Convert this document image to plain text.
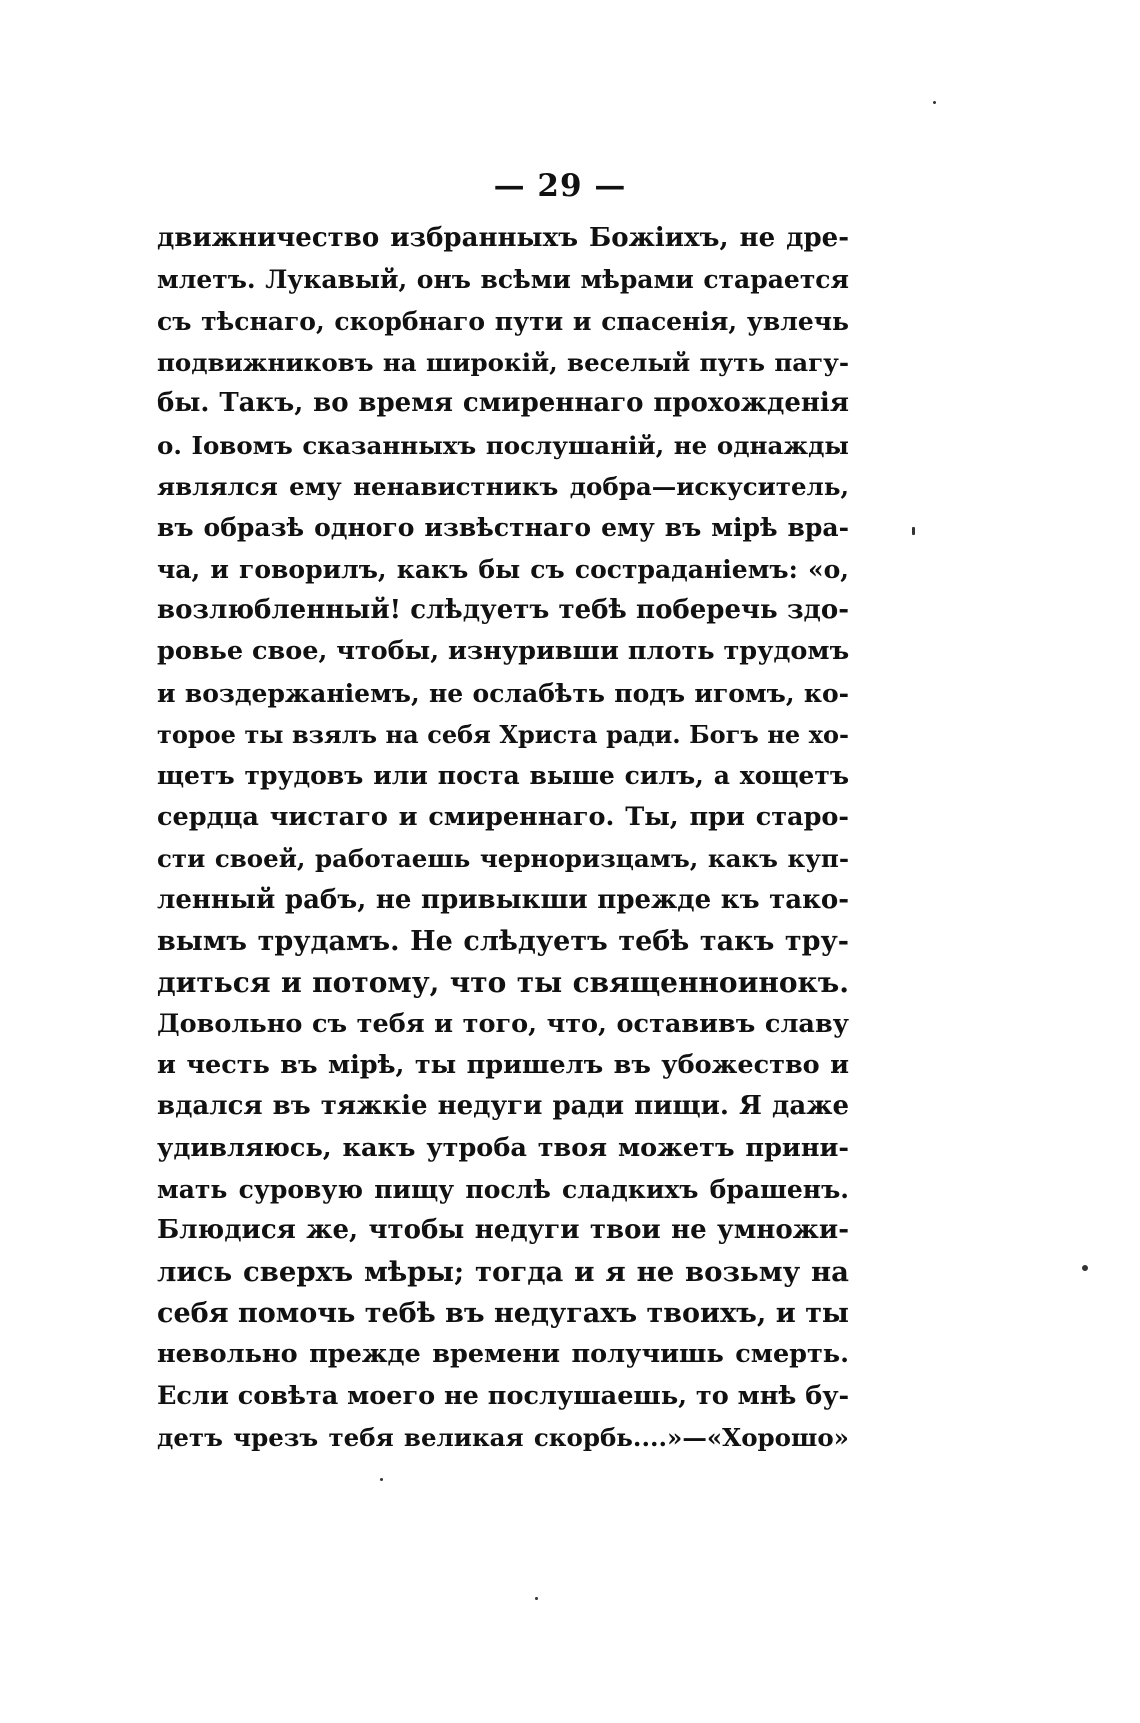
— 29 —
движничество избранныхъ Божiихъ, не дре-
млетъ. Лукавый, онъ всѣми мѣрами старается
съ тѣснаго, скорбнаго пути и спасенiя, увлечь
подвижниковъ на широкiй, веселый путь пагу-
бы. Такъ, во время смиреннаго прохожденiя
о. Iовомъ сказанныхъ послушанiй, не однажды
являлся ему ненавистникъ добра—искуситель,
въ образѣ одного извѣстнаго ему въ мiрѣ вра-
ча, и говорилъ, какъ бы съ состраданiемъ: «о,
возлюбленный! слѣдуетъ тебѣ поберечь здо-
ровье свое, чтобы, изнуривши плоть трудомъ
и воздержанiемъ, не ослабѣть подъ игомъ, ко-
торое ты взялъ на себя Христа ради. Богъ не хо-
щетъ трудовъ или поста выше силъ, а хощетъ
сердца чистаго и смиреннаго. Ты, при старо-
сти своей, работаешь черноризцамъ, какъ куп-
ленный рабъ, не привыкши прежде къ тако-
вымъ трудамъ. Не слѣдуетъ тебѣ такъ тру-
диться и потому, что ты священноинокъ.
Довольно съ тебя и того, что, оставивъ славу
и честь въ мiрѣ, ты пришелъ въ убожество и
вдался въ тяжкiе недуги ради пищи. Я даже
удивляюсь, какъ утроба твоя можетъ прини-
мать суровую пищу послѣ сладкихъ брашенъ.
Блюдися же, чтобы недуги твои не умножи-
лись сверхъ мѣры; тогда и я не возьму на
себя помочь тебѣ въ недугахъ твоихъ, и ты
невольно прежде времени получишь смерть.
Если совѣта моего не послушаешь, то мнѣ бу-
детъ чрезъ тебя великая скорбь....»—«Хорошо»
